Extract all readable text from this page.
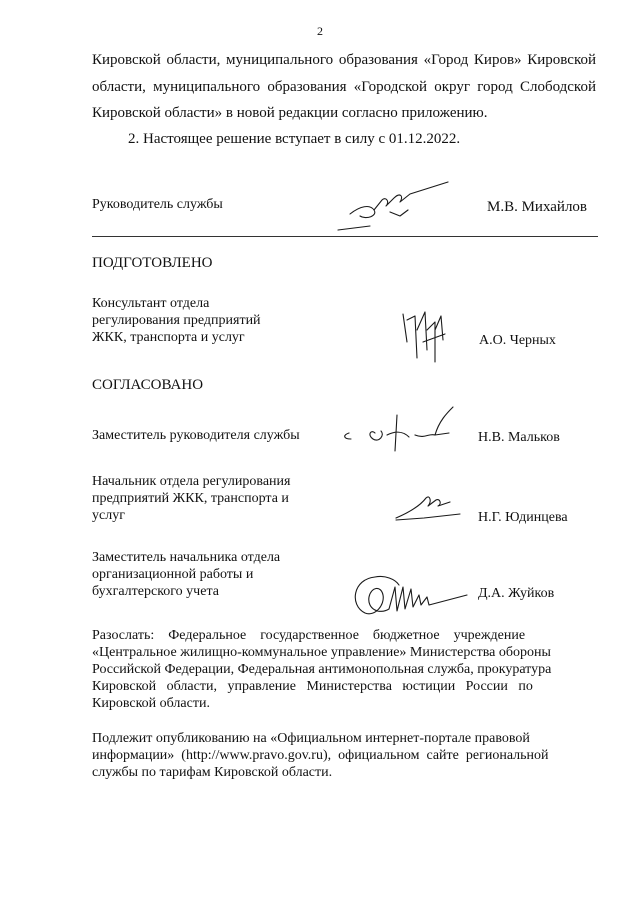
2

Кировской области, муниципального образования «Город Киров» Кировской

области, муниципального образования «Городской округ город Слободской

Кировской области» в новой редакции согласно приложению.

2. Настоящее решение вступает в силу с 01.12.2022.
Руководитель службы	М.В. Михайлов
ПОДГОТОВЛЕНО
Консультант отдела
регулирования предприятий
ЖКК, транспорта и услуг	А.О. Черных
СОГЛАСОВАНО
Заместитель руководителя службы	Н.В. Мальков
Начальник отдела регулирования
предприятий ЖКК, транспорта и
услуг	Н.Г. Юдинцева
Заместитель начальника отдела
организационной работы и
бухгалтерского учета	Д.А. Жуйков

Разослать:    Федеральное    государственное    бюджетное    учреждение

«Центральное жилищно-коммунальное управление» Министерства обороны

Российской Федерации, Федеральная антимонопольная служба, прокуратура

Кировской   области,   управление   Министерства   юстиции   России   по

Кировской области.

Подлежит опубликованию на «Официальном интернет-портале правовой

информации»  (http://www.pravo.gov.ru),  официальном  сайте  региональной

службы по тарифам Кировской области.
